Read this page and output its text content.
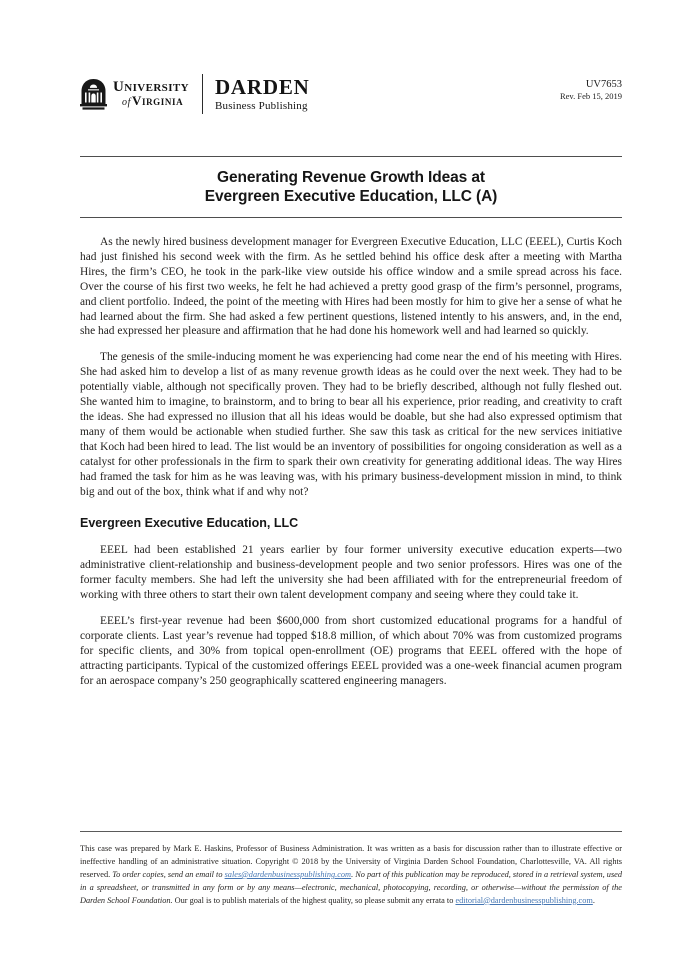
University
ofVirginia
DARDEN
Business Publishing
UV7653
Rev. Feb 15, 2019
Generating Revenue Growth Ideas at
Evergreen Executive Education, LLC (A)

As the newly hired business development manager for Evergreen Executive Education, LLC (EEEL), Curtis Koch had just finished his second week with the firm. As he settled behind his office desk after a meeting with Martha Hires, the firm’s CEO, he took in the park-like view outside his office window and a smile spread across his face. Over the course of his first two weeks, he felt he had achieved a pretty good grasp of the firm’s personnel, programs, and client portfolio. Indeed, the point of the meeting with Hires had been mostly for him to give her a sense of what he had learned about the firm. She had asked a few pertinent questions, listened intently to his answers, and, in the end, she had expressed her pleasure and affirmation that he had done his homework well and had learned so quickly.

The genesis of the smile-inducing moment he was experiencing had come near the end of his meeting with Hires. She had asked him to develop a list of as many revenue growth ideas as he could over the next week. They had to be potentially viable, although not specifically proven. They had to be briefly described, although not fully fleshed out. She wanted him to imagine, to brainstorm, and to bring to bear all his experience, prior reading, and creativity to craft the ideas. She had expressed no illusion that all his ideas would be doable, but she had also expressed optimism that many of them would be actionable when studied further. She saw this task as critical for the new services initiative that Koch had been hired to lead. The list would be an inventory of possibilities for ongoing consideration as well as a catalyst for other professionals in the firm to spark their own creativity for generating additional ideas. The way Hires had framed the task for him as he was leaving was, with his primary business-development mission in mind, to think big and out of the box, think what if and why not?

Evergreen Executive Education, LLC

EEEL had been established 21 years earlier by four former university executive education experts—two administrative client-relationship and business-development people and two senior professors. Hires was one of the former faculty members. She had left the university she had been affiliated with for the entrepreneurial freedom of working with three others to start their own talent development company and seeing where they could take it.

EEEL’s first-year revenue had been $600,000 from short customized educational programs for a handful of corporate clients. Last year’s revenue had topped $18.8 million, of which about 70% was from customized programs for specific clients, and 30% from topical open-enrollment (OE) programs that EEEL offered with the hope of attracting participants. Typical of the customized offerings EEEL provided was a one-week financial acumen program for an aerospace company’s 250 geographically scattered engineering managers.

This case was prepared by Mark E. Haskins, Professor of Business Administration. It was written as a basis for discussion rather than to illustrate effective or ineffective handling of an administrative situation. Copyright © 2018 by the University of Virginia Darden School Foundation, Charlottesville, VA. All rights reserved. To order copies, send an email to sales@dardenbusinesspublishing.com. No part of this publication may be reproduced, stored in a retrieval system, used in a spreadsheet, or transmitted in any form or by any means—electronic, mechanical, photocopying, recording, or otherwise—without the permission of the Darden School Foundation. Our goal is to publish materials of the highest quality, so please submit any errata to editorial@dardenbusinesspublishing.com.
